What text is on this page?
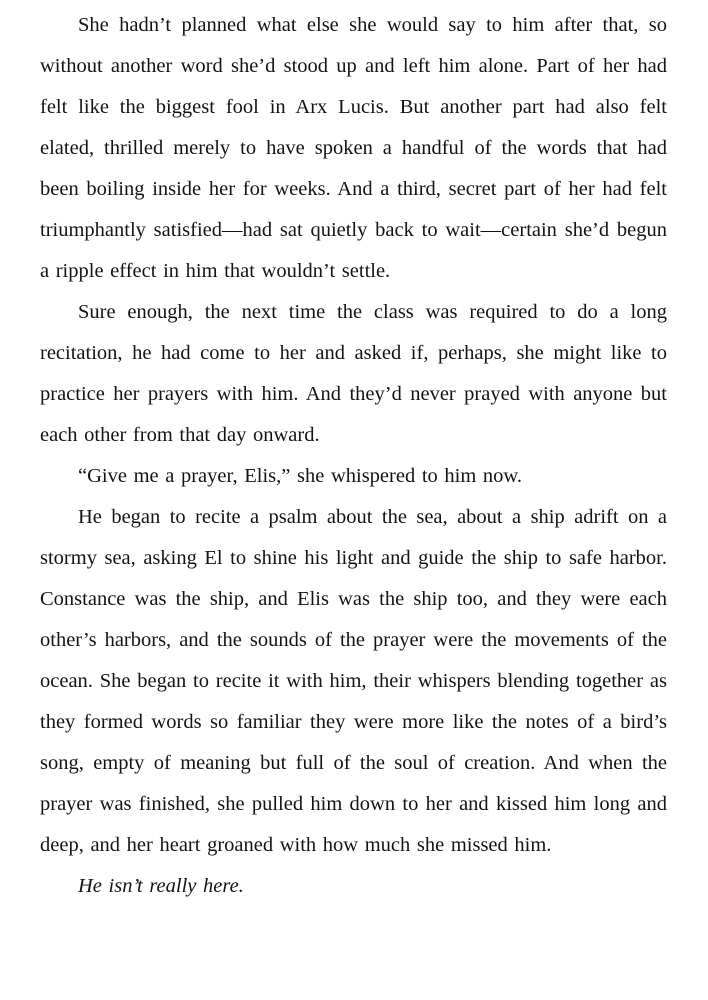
She hadn’t planned what else she would say to him after that, so without another word she’d stood up and left him alone. Part of her had felt like the biggest fool in Arx Lucis. But another part had also felt elated, thrilled merely to have spoken a handful of the words that had been boiling inside her for weeks. And a third, secret part of her had felt triumphantly satisfied—had sat quietly back to wait—certain she’d begun a ripple effect in him that wouldn’t settle.

Sure enough, the next time the class was required to do a long recitation, he had come to her and asked if, perhaps, she might like to practice her prayers with him. And they’d never prayed with anyone but each other from that day onward.

“Give me a prayer, Elis,” she whispered to him now.

He began to recite a psalm about the sea, about a ship adrift on a stormy sea, asking El to shine his light and guide the ship to safe harbor. Constance was the ship, and Elis was the ship too, and they were each other’s harbors, and the sounds of the prayer were the movements of the ocean. She began to recite it with him, their whispers blending together as they formed words so familiar they were more like the notes of a bird’s song, empty of meaning but full of the soul of creation. And when the prayer was finished, she pulled him down to her and kissed him long and deep, and her heart groaned with how much she missed him.

He isn’t really here.
